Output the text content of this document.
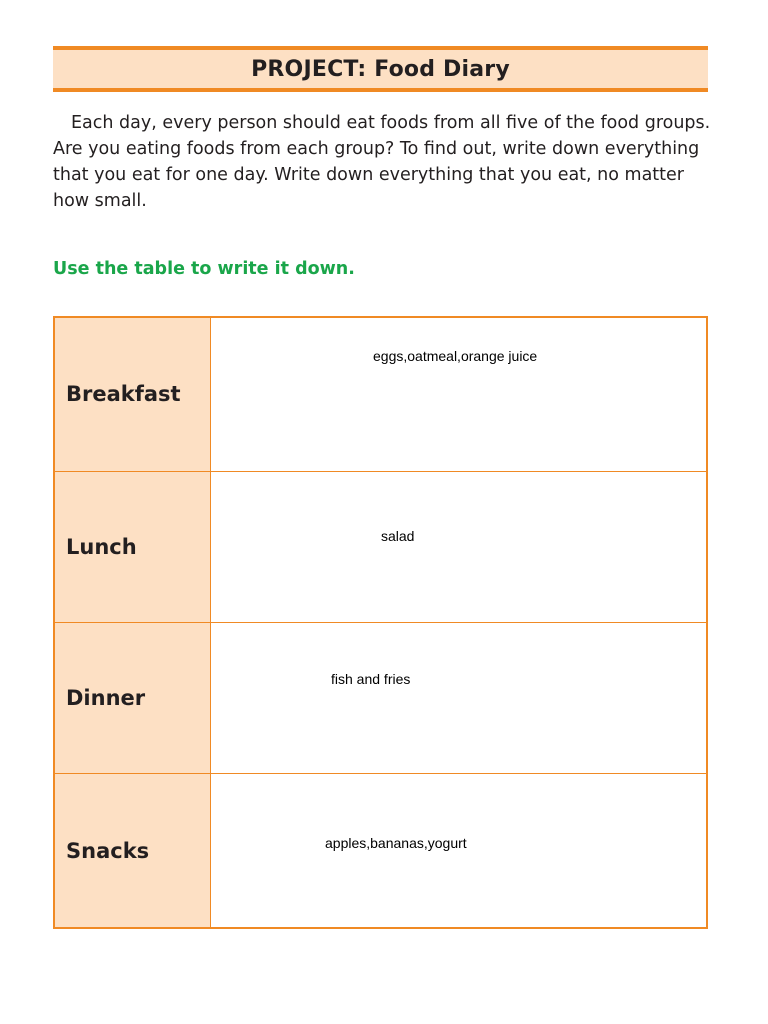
PROJECT: Food Diary

Each day, every person should eat foods from all five of the food groups. Are you eating foods from each group? To find out, write down everything that you eat for one day. Write down everything that you eat, no matter how small.

Use the table to write it down.

Breakfast	eggs,oatmeal,orange juice

Lunch	salad

Dinner	fish and fries

Snacks	apples,bananas,yogurt
